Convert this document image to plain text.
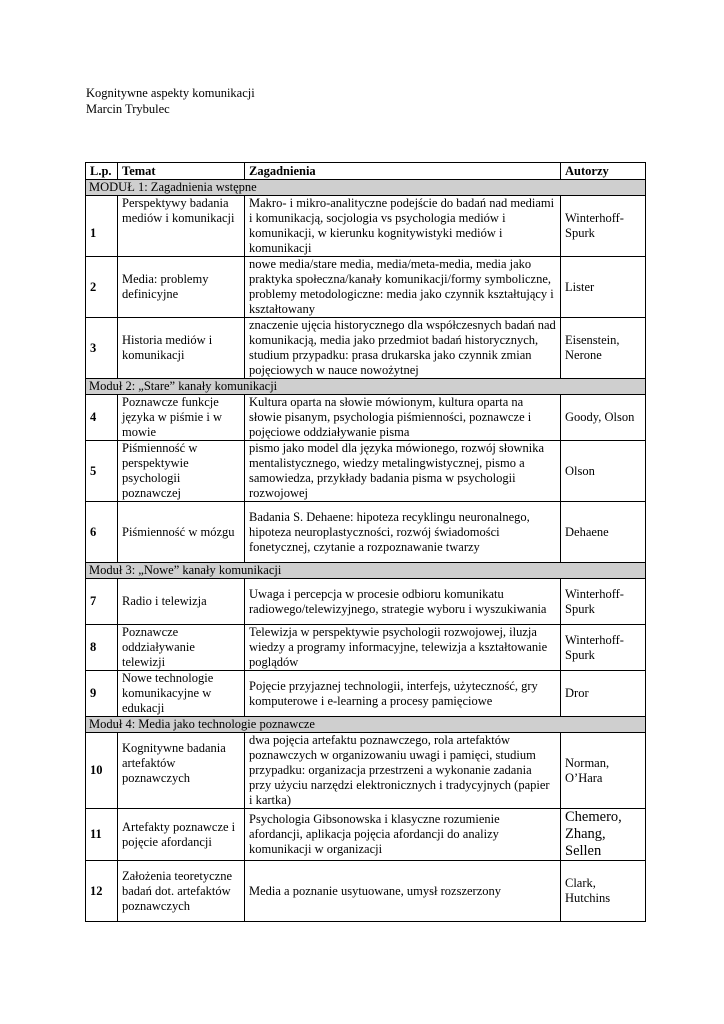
Kognitywne aspekty komunikacji
Marcin Trybulec
L.p.	Temat	Zagadnienia	Autorzy
MODUŁ 1: Zagadnienia wstępne			
1	Perspektywy badania mediów i komunikacji	Makro- i mikro-analityczne podejście do badań nad mediami i komunikacją, socjologia vs psychologia mediów i komunikacji, w kierunku kognitywistyki mediów i komunikacji	Winterhoff-Spurk
2	Media: problemy definicyjne	nowe media/stare media, media/meta-media, media jako praktyka społeczna/kanały komunikacji/formy symboliczne, problemy metodologiczne: media jako czynnik kształtujący i kształtowany	Lister
3	Historia mediów i komunikacji	znaczenie ujęcia historycznego dla współczesnych badań nad komunikacją, media jako przedmiot badań historycznych, studium przypadku: prasa drukarska jako czynnik zmian pojęciowych w nauce nowożytnej	Eisenstein, Nerone
Moduł 2: „Stare” kanały komunikacji			
4	Poznawcze funkcje języka w piśmie i w mowie	Kultura oparta na słowie mówionym, kultura oparta na słowie pisanym, psychologia piśmienności, poznawcze i pojęciowe oddziaływanie pisma	Goody, Olson
5	Piśmienność w perspektywie psychologii poznawczej	pismo jako model dla języka mówionego, rozwój słownika mentalistycznego, wiedzy metalingwistycznej, pismo a samowiedza, przykłady badania pisma w psychologii rozwojowej	Olson
6	Piśmienność w mózgu	Badania S. Dehaene: hipoteza recyklingu neuronalnego, hipoteza neuroplastyczności, rozwój świadomości fonetycznej, czytanie a rozpoznawanie twarzy	Dehaene
Moduł 3: „Nowe” kanały komunikacji			
7	Radio i telewizja	Uwaga i percepcja w procesie odbioru komunikatu radiowego/telewizyjnego, strategie wyboru i wyszukiwania	Winterhoff-Spurk
8	Poznawcze oddziaływanie telewizji	Telewizja w perspektywie psychologii rozwojowej, iluzja wiedzy a programy informacyjne, telewizja a kształtowanie poglądów	Winterhoff-Spurk
9	Nowe technologie komunikacyjne w edukacji	Pojęcie przyjaznej technologii, interfejs, użyteczność, gry komputerowe i e-learning a procesy pamięciowe	Dror
Moduł 4: Media jako technologie poznawcze			
10	Kognitywne badania artefaktów poznawczych	dwa pojęcia artefaktu poznawczego, rola artefaktów poznawczych w organizowaniu uwagi i pamięci, studium przypadku: organizacja przestrzeni a wykonanie zadania przy użyciu narzędzi elektronicznych i tradycyjnych (papier i kartka)	Norman, O’Hara
11	Artefakty poznawcze i pojęcie afordancji	Psychologia Gibsonowska i klasyczne rozumienie afordancji, aplikacja pojęcia afordancji do analizy komunikacji w organizacji	Chemero, Zhang, Sellen
12	Założenia teoretyczne badań dot. artefaktów poznawczych	Media a poznanie usytuowane, umysł rozszerzony	Clark, Hutchins
